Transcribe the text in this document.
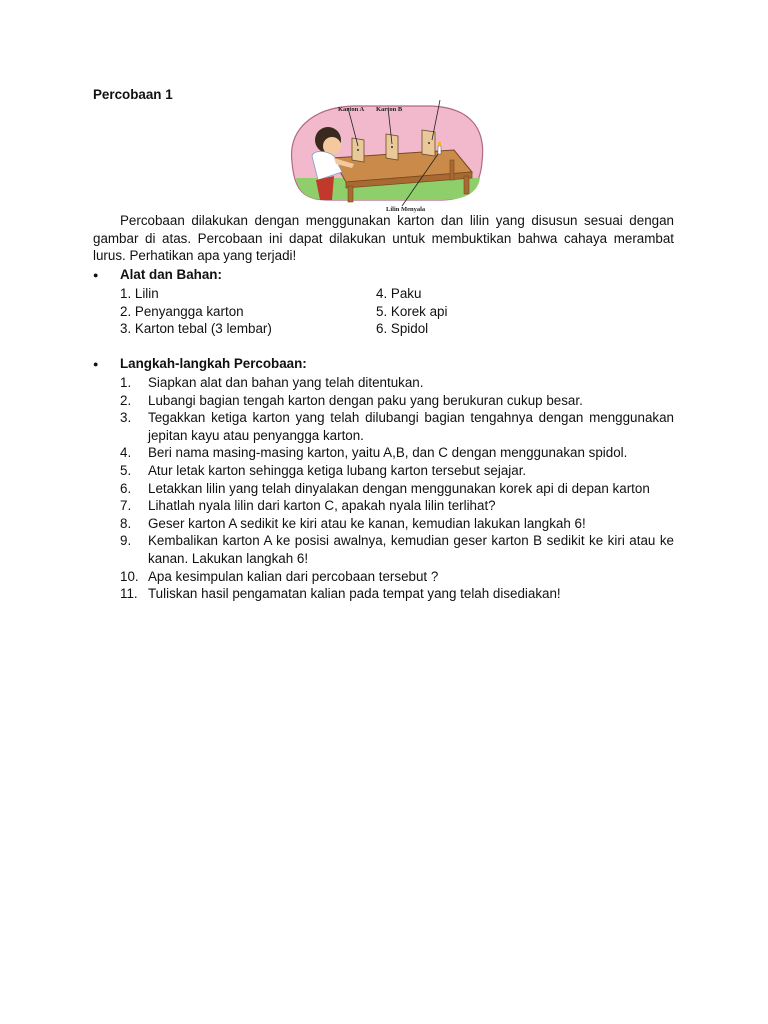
Percobaan 1
Karton A Karton B
Lilin Menyala

Percobaan dilakukan dengan menggunakan karton dan lilin yang disusun sesuai dengan gambar di atas. Percobaan ini dapat dilakukan untuk membuktikan bahwa cahaya merambat lurus. Perhatikan apa yang terjadi!

● Alat dan Bahan:
1. Lilin	4. Paku
2. Penyangga karton	5. Korek api
3. Karton tebal (3 lembar)	6. Spidol
● Langkah-langkah Percobaan:
1. Siapkan alat dan bahan yang telah ditentukan.
2. Lubangi bagian tengah karton dengan paku yang berukuran cukup besar.
3. Tegakkan ketiga karton yang telah dilubangi bagian tengahnya dengan menggunakan jepitan kayu atau penyangga karton.
4. Beri nama masing-masing karton, yaitu A,B, dan C dengan menggunakan spidol.
5. Atur letak karton sehingga ketiga lubang karton tersebut sejajar.
6. Letakkan lilin yang telah dinyalakan dengan menggunakan korek api di depan karton
7. Lihatlah nyala lilin dari karton C, apakah nyala lilin terlihat?
8. Geser karton A sedikit ke kiri atau ke kanan, kemudian lakukan langkah 6!
9. Kembalikan karton A ke posisi awalnya, kemudian geser karton B sedikit ke kiri atau ke kanan. Lakukan langkah 6!
10. Apa kesimpulan kalian dari percobaan tersebut ?
11. Tuliskan hasil pengamatan kalian pada tempat yang telah disediakan!
